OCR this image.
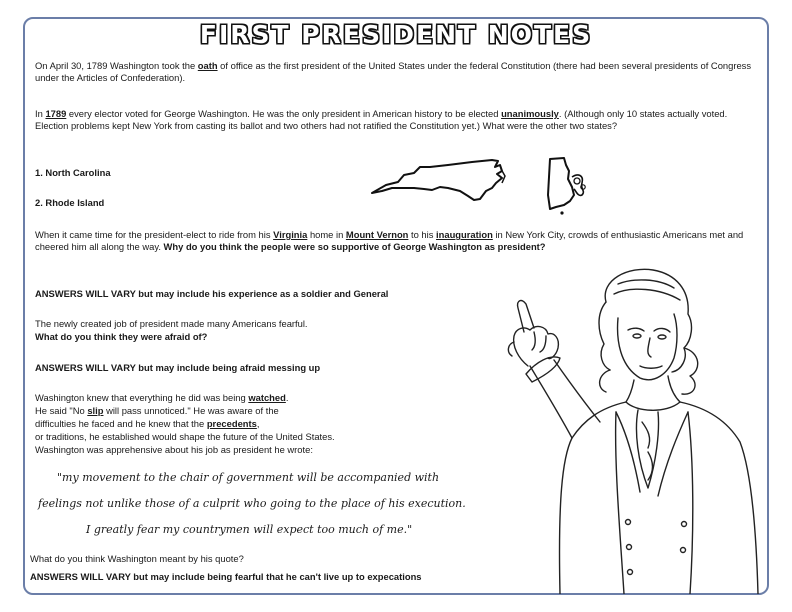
FIRST PRESIDENT NOTES

On April 30, 1789 Washington took the oath of office as the first president of the United States under the federal Constitution (there had been several presidents of Congress under the Articles of Confederation).

In 1789 every elector voted for George Washington. He was the only president in American history to be elected unanimously. (Although only 10 states actually voted. Election problems kept New York from casting its ballot and two others had not ratified the Constitution yet.) What were the other two states?

1. North Carolina
2. Rhode Island

When it came time for the president-elect to ride from his Virginia home in Mount Vernon to his inauguration in New York City, crowds of enthusiastic Americans met and cheered him all along the way. Why do you think the people were so supportive of George Washington as president?

ANSWERS WILL VARY but may include his experience as a soldier and General
The newly created job of president made many Americans fearful.
What do you think they were afraid of?
ANSWERS WILL VARY but may include being afraid messing up
Washington knew that everything he did was being watched.
He said "No slip will pass unnoticed." He was aware of the
difficulties he faced and he knew that the precedents,
or traditions, he established would shape the future of the United States.
Washington was apprehensive about his job as president he wrote:
"my movement to the chair of government will be accompanied with
feelings not unlike those of a culprit who going to the place of his execution.
I greatly fear my countrymen will expect too much of me."
What do you think Washington meant by his quote?
ANSWERS WILL VARY but may include being fearful that he can't live up to expecations
